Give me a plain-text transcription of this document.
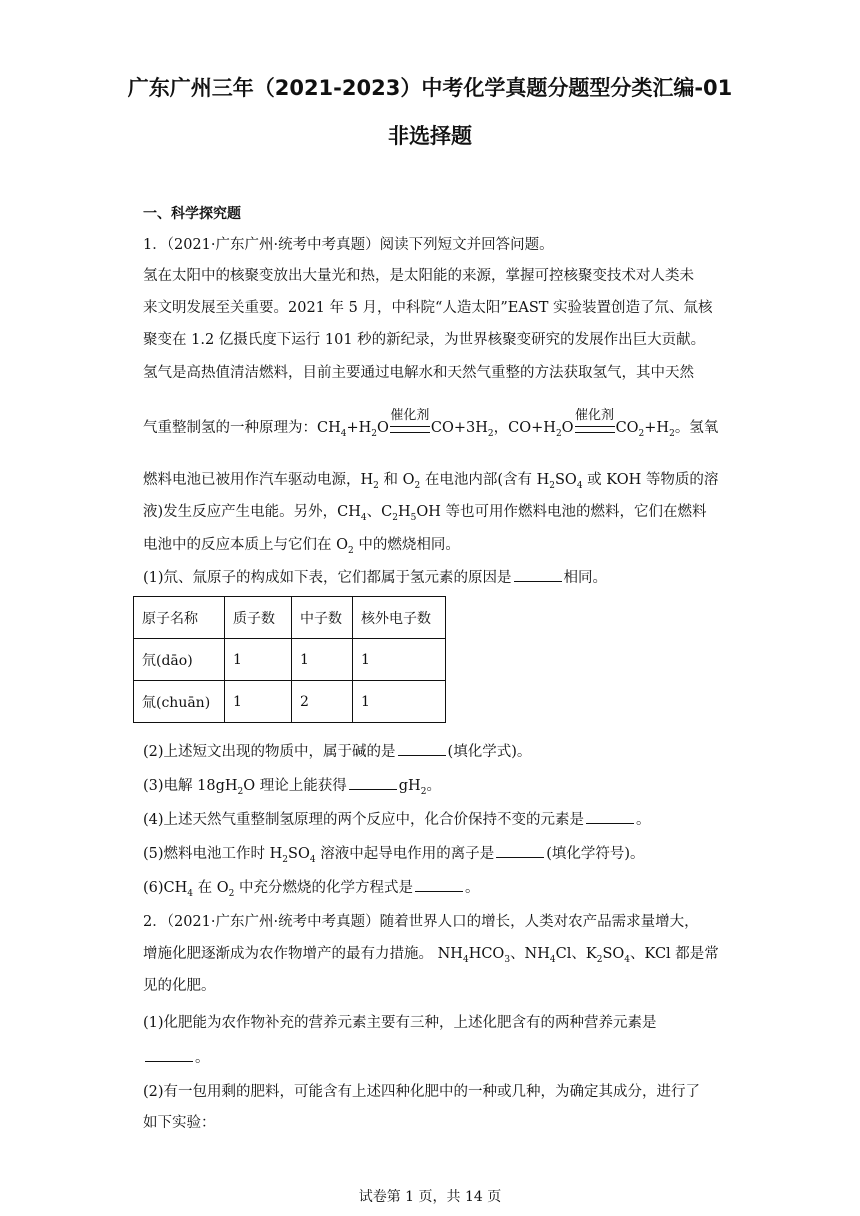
广东广州三年（2021-2023）中考化学真题分题型分类汇编-01
非选择题
一、科学探究题
1．（2021·广东广州·统考中考真题）阅读下列短文并回答问题。
氢在太阳中的核聚变放出大量光和热，是太阳能的来源，掌握可控核聚变技术对人类未
来文明发展至关重要。2021 年 5 月，中科院“人造太阳”EAST 实验装置创造了氘、氚核
聚变在 1.2 亿摄氏度下运行 101 秒的新纪录，为世界核聚变研究的发展作出巨大贡献。
氢气是高热值清洁燃料，目前主要通过电解水和天然气重整的方法获取氢气，其中天然
气重整制氢的一种原理为：$CH_4+H_2O$
催化剂
$CO+3H_2$，$CO+H_2O$
催化剂
$CO_2+H_2$。氢氧
燃料电池已被用作汽车驱动电源，$H_2$ 和 $O_2$ 在电池内部(含有 $H_2SO_4$ 或 KOH 等物质的溶
液)发生反应产生电能。另外，$CH_4$、$C_2H_5OH$ 等也可用作燃料电池的燃料，它们在燃料
电池中的反应本质上与它们在 $O_2$ 中的燃烧相同。
(1)氘、氚原子的构成如下表，它们都属于氢元素的原因是	相同。
原子名称	质子数	中子数	核外电子数
氘(dāo)	1	1	1
氚(chuān)	1	2	1
(2)上述短文出现的物质中，属于碱的是	(填化学式)。
(3)电解 $18gH_2O$ 理论上能获得	$gH_2$。
(4)上述天然气重整制氢原理的两个反应中，化合价保持不变的元素是	。
(5)燃料电池工作时 $H_2SO_4$ 溶液中起导电作用的离子是	(填化学符号)。
$(6)CH_4$ 在 $O_2$ 中充分燃烧的化学方程式是	。
2．（2021·广东广州·统考中考真题）随着世界人口的增长，人类对农产品需求量增大，
增施化肥逐渐成为农作物增产的最有力措施。 $NH_4HCO_3$、$NH_4Cl$、$K_2SO_4$、KCl 都是常
见的化肥。
(1)化肥能为农作物补充的营养元素主要有三种，上述化肥含有的两种营养元素是
。
(2)有一包用剩的肥料，可能含有上述四种化肥中的一种或几种，为确定其成分，进行了
如下实验：
试卷第 1 页，共 14 页
